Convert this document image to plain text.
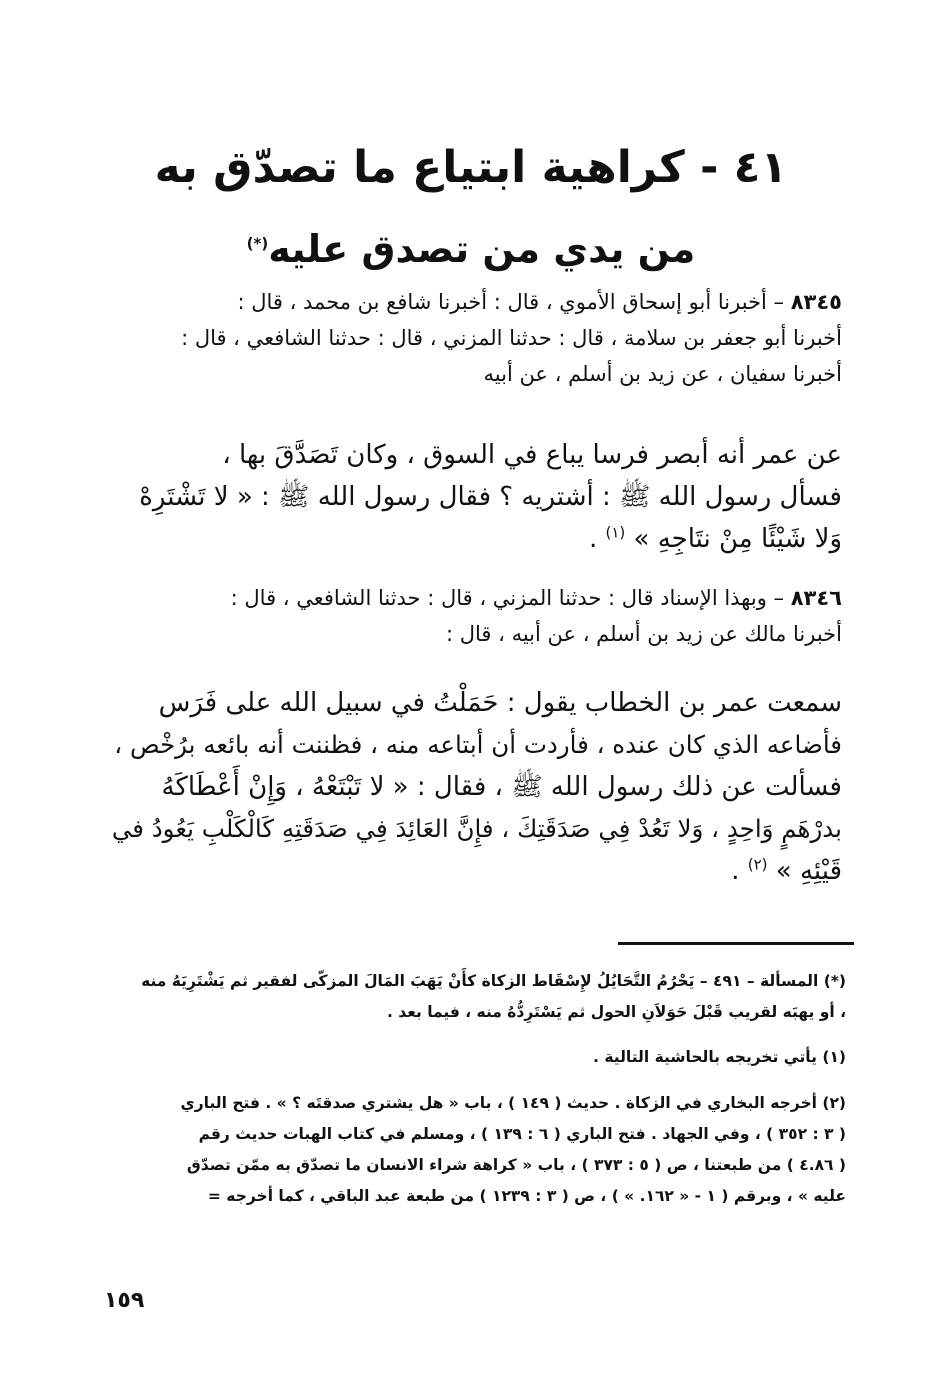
٤١ - كراهية ابتياع ما تصدّق به
من يدي من تصدق عليه(*)
٨٣٤٥ – أخبرنا أبو إسحاق الأموي ، قال : أخبرنا شافع بن محمد ، قال :
أخبرنا أبو جعفر بن سلامة ، قال : حدثنا المزني ، قال : حدثنا الشافعي ، قال :
أخبرنا سفيان ، عن زيد بن أسلم ، عن أبيه
عن عمر أنه أبصر فرسا يباع في السوق ، وكان تَصَدَّقَ بها ،
فسأل رسول الله ﷺ : أشتريه ؟ فقال رسول الله ﷺ : « لا تَشْتَرِهْ
وَلا شَيْئًا مِنْ نتَاجِهِ » $^{(١)}$ .
٨٣٤٦ – وبهذا الإسناد قال : حدثنا المزني ، قال : حدثنا الشافعي ، قال :
أخبرنا مالك عن زيد بن أسلم ، عن أبيه ، قال :
سمعت عمر بن الخطاب يقول : حَمَلْتُ في سبيل الله على فَرَس
فأضاعه الذي كان عنده ، فأردت أن أبتاعه منه ، فظننت أنه بائعه برُخْص ،
فسألت عن ذلك رسول الله ﷺ ، فقال : « لا تَبْتَعْهُ ، وَإِنْ أَعْطَاكَهُ
بدرْهَمٍ وَاحِدٍ ، وَلا تَعُدْ فِي صَدَقَتِكَ ، فإِنَّ العَائِدَ فِي صَدَقَتِهِ كَالْكَلْبِ يَعُودُ في
قَيْئِهِ » $^{(٢)}$ .
(*) المسألة – ٤٩١ – يَحْرُمُ التَّحَايُلُ لإِسْقَاط الزكاة كأَنْ يَهَبَ المَالَ المزكّى لفقير ثم يَشْتَرِيَهُ منه
، أو يهبَه لقريب قَبْلَ حَوَلاَنِ الحول ثم يَسْتَرِدُّهُ منه ، فيما بعد .
(١) يأتي تخريجه بالحاشية التالية .
(٢) أخرجه البخاري في الزكاة . حديث ( ١٤٩ ) ، باب « هل يشتري صدقتَه ؟ » . فتح الباري
( ٣ : ٣٥٢ ) ، وفي الجهاد . فتح الباري ( ٦ : ١٣٩ ) ، ومسلم في كتاب الهبات حديث رقم
( ٤.٨٦ ) من طبعتنا ، ص ( ٥ : ٣٧٣ ) ، باب « كراهة شراء الانسان ما تصدّق به ممّن تصدّق
عليه » ، وبرقم ( ١ - « ١٦٢. » ) ، ص ( ٣ : ١٢٣٩ ) من طبعة عبد الباقي ، كما أخرجه =
١٥٩
